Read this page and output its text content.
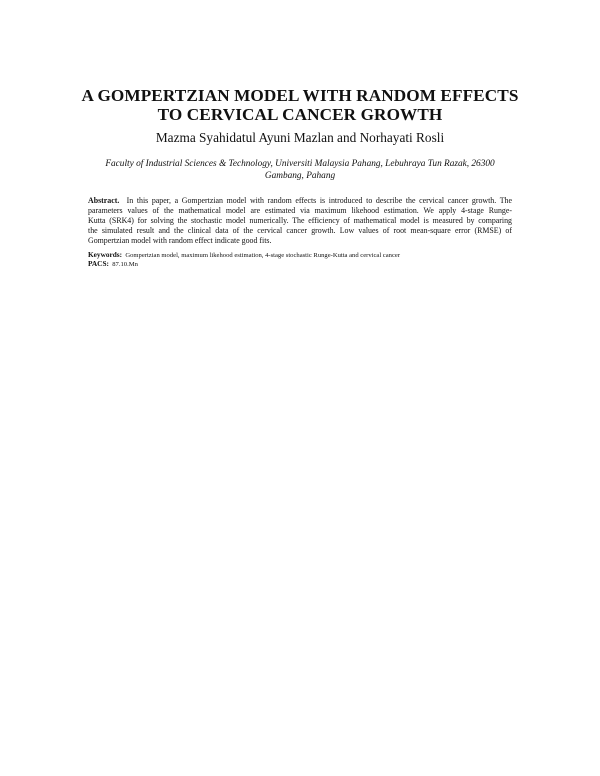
A GOMPERTZIAN MODEL WITH RANDOM EFFECTS
TO CERVICAL CANCER GROWTH
Mazma Syahidatul Ayuni Mazlan and Norhayati Rosli
Faculty of Industrial Sciences & Technology, Universiti Malaysia Pahang, Lebuhraya Tun Razak, 26300
Gambang, Pahang
Abstract. In this paper, a Gompertzian model with random effects is introduced to describe the cervical cancer growth. The
parameters values of the mathematical model are estimated via maximum likehood estimation. We apply 4-stage Runge-
Kutta (SRK4) for solving the stochastic model numerically. The efficiency of mathematical model is measured by comparing
the simulated result and the clinical data of the cervical cancer growth. Low values of root mean-square error (RMSE) of
Gompertzian model with random effect indicate good fits.
Keywords: Gompertzian model, maximum likehood estimation, 4-stage stochastic Runge-Kutta and cervical cancer
PACS: 87.10.Mn
